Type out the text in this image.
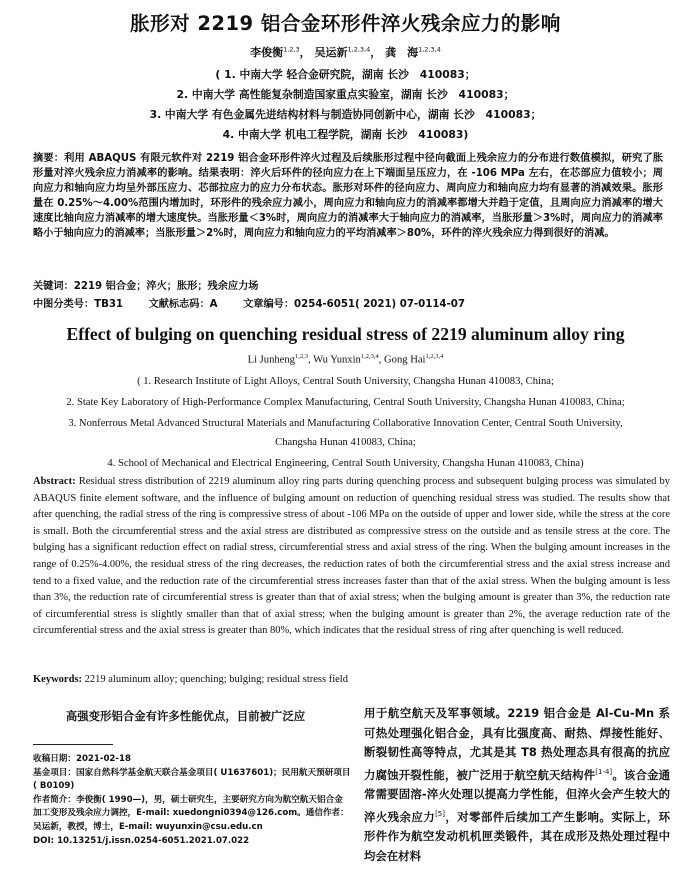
胀形对 2219 铝合金环形件淬火残余应力的影响
李俊衡$^{1,2,3}$， 吴运新$^{1,2,3,4}$， 龚　海$^{1,2,3,4}$
( 1. 中南大学 轻合金研究院，湖南 长沙　410083；
2. 中南大学 高性能复杂制造国家重点实验室，湖南 长沙　410083；
3. 中南大学 有色金属先进结构材料与制造协同创新中心，湖南 长沙　410083；
4. 中南大学 机电工程学院，湖南 长沙　410083)
摘要：利用 ABAQUS 有限元软件对 2219 铝合金环形件淬火过程及后续胀形过程中径向截面上残余应力的分布进行数值模拟，研究了胀形量对淬火残余应力消减率的影响。结果表明：淬火后环件的径向应力在上下端面呈压应力，在 -106 MPa 左右，在芯部应力值较小；周向应力和轴向应力均呈外部压应力、芯部拉应力的应力分布状态。胀形对环件的径向应力、周向应力和轴向应力均有显著的消减效果。胀形量在 0.25%～4.00%范围内增加时，环形件的残余应力减小，周向应力和轴向应力的消减率都增大并趋于定值，且周向应力消减率的增大速度比轴向应力消减率的增大速度快。当胀形量＜3%时，周向应力的消减率大于轴向应力的消减率，当胀形量＞3%时，周向应力的消减率略小于轴向应力的消减率；当胀形量＞2%时，周向应力和轴向应力的平均消减率＞80%，环件的淬火残余应力得到很好的消减。
关键词：2219 铝合金；淬火；胀形；残余应力场
中图分类号：TB31	文献标志码：A	文章编号：0254-6051( 2021) 07-0114-07
Effect of bulging on quenching residual stress of 2219 aluminum alloy ring
Li Junheng$^{1,2,3}$, Wu Yunxin$^{1,2,3,4}$, Gong Hai$^{1,2,3,4}$
( 1. Research Institute of Light Alloys, Central South University, Changsha Hunan 410083, China;
2. State Key Laboratory of High-Performance Complex Manufacturing, Central South University, Changsha Hunan 410083, China;
3. Nonferrous Metal Advanced Structural Materials and Manufacturing Collaborative Innovation Center, Central South University,
Changsha Hunan 410083, China;
4. School of Mechanical and Electrical Engineering, Central South University, Changsha Hunan 410083, China)
Abstract: Residual stress distribution of 2219 aluminum alloy ring parts during quenching process and subsequent bulging process was simulated by ABAQUS finite element software, and the influence of bulging amount on reduction of quenching residual stress was studied. The results show that after quenching, the radial stress of the ring is compressive stress of about -106 MPa on the outside of upper and lower side, while the stress at the core is small. Both the circumferential stress and the axial stress are distributed as compressive stress on the outside and as tensile stress at the core. The bulging has a significant reduction effect on radial stress, circumferential stress and axial stress of the ring. When the bulging amount increases in the range of 0.25%-4.00%, the residual stress of the ring decreases, the reduction rates of both the circumferential stress and the axial stress increase and tend to a fixed value, and the reduction rate of the circumferential stress increases faster than that of the axial stress. When the bulging amount is less than 3%, the reduction rate of circumferential stress is greater than that of axial stress; when the bulging amount is greater than 3%, the reduction rate of circumferential stress is slightly smaller than that of axial stress; when the bulging amount is greater than 2%, the average reduction rate of the circumferential stress and the axial stress is greater than 80%, which indicates that the residual stress of ring after quenching is well reduced.
Keywords: 2219 aluminum alloy; quenching; bulging; residual stress field
高强变形铝合金有许多性能优点，目前被广泛应
收稿日期：2021-02-18
基金项目：国家自然科学基金航天联合基金项目( U1637601)；民用航天预研项目( B0109)
作者简介：李俊衡( 1990—)，男，硕士研究生，主要研究方向为航空航天铝合金加工变形及残余应力调控，E-mail: xuedongni0394@126.com。通信作者：吴运新，教授，博士，E-mail: wuyunxin@csu.edu.cn
DOI: 10.13251/j.issn.0254-6051.2021.07.022
用于航空航天及军事领域。2219 铝合金是 Al-Cu-Mn 系可热处理强化铝合金，具有比强度高、耐热、焊接性能好、断裂韧性高等特点，尤其是其 T8 热处理态具有很高的抗应力腐蚀开裂性能，被广泛用于航空航天结构件[1-4]。该合金通常需要固溶-淬火处理以提高力学性能，但淬火会产生较大的淬火残余应力[5]，对零部件后续加工产生影响。实际上，环形件作为航空发动机机匣类锻件，其在成形及热处理过程中均会在材料
